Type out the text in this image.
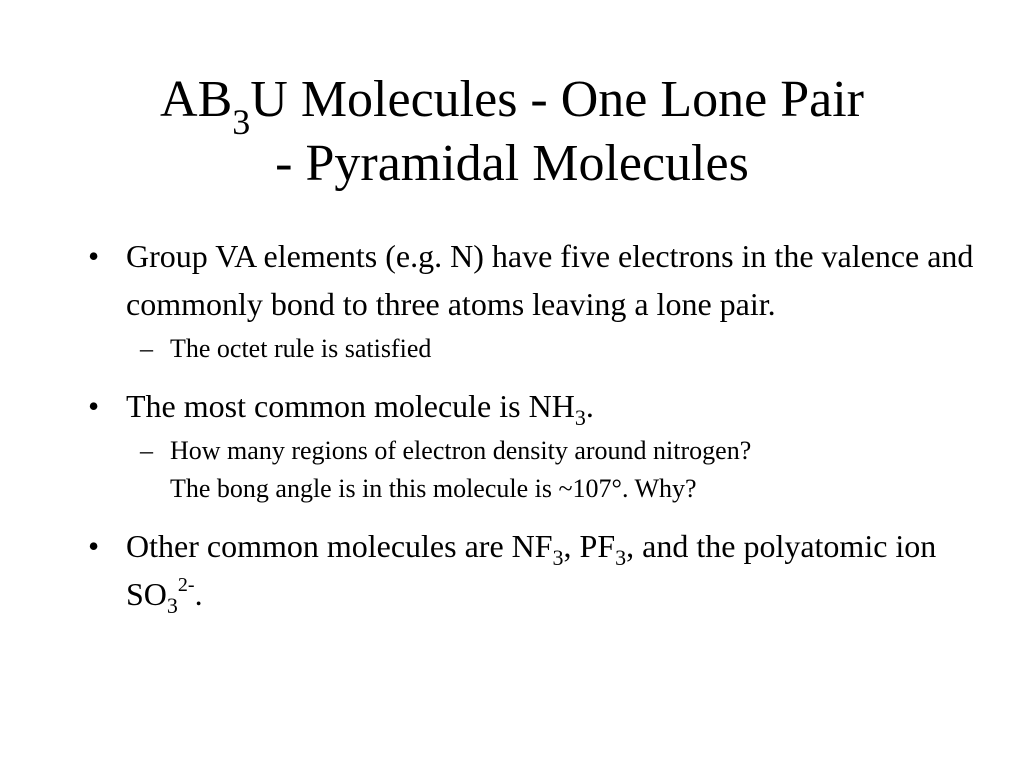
$AB_3U$ Molecules - One Lone Pair
- Pyramidal Molecules
• Group VA elements (e.g. N) have five electrons in the valence and commonly bond to three atoms leaving a lone pair.
– The octet rule is satisfied
• The most common molecule is $NH_3$.
– How many regions of electron density around nitrogen?
The bong angle is in this molecule is ~107°. Why?
• Other common molecules are $NF_3$, $PF_3$, and the polyatomic ion $SO_3^{2-}$.
